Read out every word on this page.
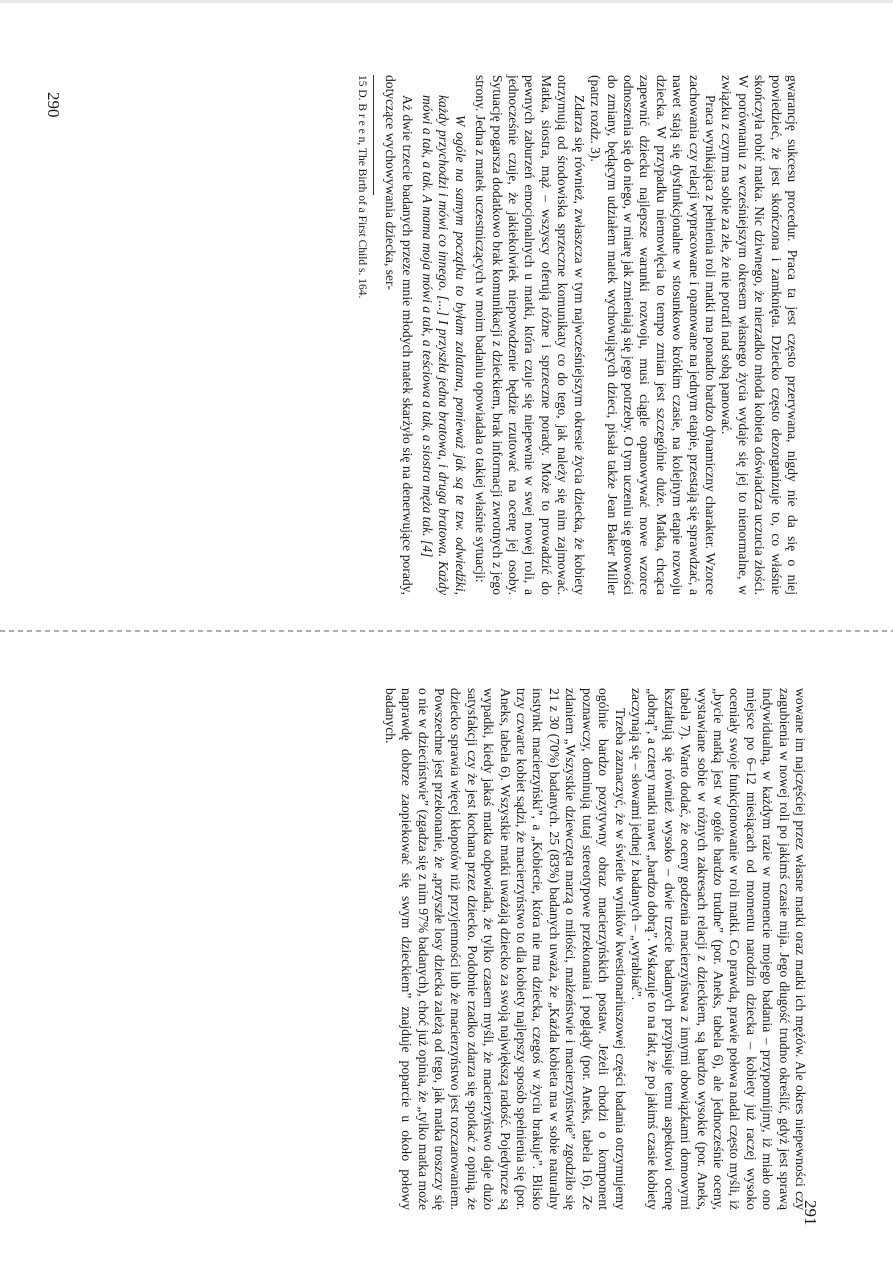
gwarancję sukcesu procedur. Praca ta jest często przerywana, nigdy nie da się o niej powiedzieć, że jest skończona i zamknięta. Dziecko często dezorganizuje to, co właśnie skończyła robić matka. Nic dziwnego, że nierzadko młoda kobieta doświadcza uczucia złości. W porównaniu z wcześniejszym okresem własnego życia wydaje się jej to nienormalne, w związku z czym ma sobie za złe, że nie potrafi nad sobą panować.

Praca wynikająca z pełnienia roli matki ma ponadto bardzo dynamiczny charakter. Wzorce zachowania czy relacji wypracowane i opanowane na jednym etapie, przestają się sprawdzać, a nawet stają się dysfunkcjonalne w stosunkowo krótkim czasie, na kolejnym etapie rozwoju dziecka. W przypadku niemowlęcia to tempo zmian jest szczególnie duże. Matka, chcąca zapewnić dziecku najlepsze warunki rozwoju, musi ciągle opanowywać nowe wzorce odnoszenia się do niego, w miarę jak zmieniają się jego potrzeby. O tym uczeniu się gotowości do zmiany, będącym udziałem matek wychowujących dzieci, pisała także Jean Baker Miller (patrz rozdz. 3).

Zdarza się również, zwłaszcza w tym najwcześniejszym okresie życia dziecka, że kobiety otrzymują od środowiska sprzeczne komunikaty co do tego, jak należy się nim zajmować. Matka, siostra, mąż – wszyscy oferują różne i sprzeczne porady. Może to prowadzić do pewnych zaburzeń emocjonalnych u matki, która czuje się niepewnie w swej nowej roli, a jednocześnie czuje, że jakiekolwiek niepowodzenie będzie rzutować na ocenę jej osoby. Sytuację pogarsza dodatkowo brak komunikacji z dzieckiem, brak informacji zwrotnych z jego strony. Jedna z matek uczestniczących w moim badaniu opowiadała o takiej właśnie sytuacji:

W ogóle na samym początku to byłam zalatana, ponieważ jak są te tzw. odwiedźki, każdy przychodzi i mówi co innego. [...] I przyszła jedna bratowa, i druga bratowa. Każdy mówi a tak, a tak. A mama moja mówi a tak, a teściowa a tak, a siostra męża tak. [4]

Aż dwie trzecie badanych przeze mnie młodych matek skarżyło się na denerwujące porady, dotyczące wychowywania dziecka, ser-

15 D. B r e e n, The Birth of a First Child s. 164.

290

wowane im najczęściej przez własne matki oraz matki ich mężów. Ale okres niepewności czy zagubienia w nowej roli po jakimś czasie mija. Jego długość trudno określić, gdyż jest sprawą indywidualną, w każdym razie w momencie mojego badania – przypomnijmy, iż miało ono miejsce po 6–12 miesiącach od momentu narodzin dziecka – kobiety już raczej wysoko oceniały swoje funkcjonowanie w roli matki. Co prawda, prawie połowa nadal często myśli, iż „bycie matką jest w ogóle bardzo trudne” (por. Aneks, tabela 6), ale jednocześnie oceny, wystawiane sobie w różnych zakresach relacji z dzieckiem, są bardzo wysokie (por. Aneks, tabela 7). Warto dodać, że oceny godzenia macierzyństwa z innymi obowiązkami domowymi kształtują się również wysoko – dwie trzecie badanych przypisuje temu aspektowi ocenę „dobrą”, a cztery matki nawet „bardzo dobrą”. Wskazuje to na fakt, że po jakimś czasie kobiety zaczynają się – słowami jednej z badanych – „wyrabiać”.

Trzeba zaznaczyć, że w świetle wyników kwestionariuszowej części badania otrzymujemy ogólnie bardzo pozytywny obraz macierzyńskich postaw. Jeżeli chodzi o komponent poznawczy, dominują tutaj stereotypowe przekonania i poglądy (por. Aneks, tabela 16). Ze zdaniem „Wszystkie dziewczęta marzą o miłości, małżeństwie i macierzyństwie” zgodziło się 21 z 30 (70%) badanych. 25 (83%) badanych uważa, że „Każda kobieta ma w sobie naturalny instynkt macierzyński”, a „Kobiecie, która nie ma dziecka, czegoś w życiu brakuje”. Blisko trzy czwarte kobiet sądzi, że macierzyństwo to dla kobiety najlepszy sposób spełnienia się (por. Aneks, tabela 6). Wszystkie matki uważają dziecko za swoją największą radość. Pojedyncze są wypadki, kiedy jakaś matka odpowiada, że tylko czasem myśli, że macierzyństwo daje dużo satysfakcji czy że jest kochana przez dziecko. Podobnie rzadko zdarza się spotkać z opinią, że dziecko sprawia więcej kłopotów niż przyjemności lub że macierzyństwo jest rozczarowaniem. Powszechne jest przekonanie, że „przyszłe losy dziecka zależą od tego, jak matka troszczy się o nie w dzieciństwie” (zgadza się z nim 97% badanych), choć już opinia, że „tylko matka może naprawdę dobrze zaopiekować się swym dzieckiem” znajduje poparcie u około połowy badanych.

291
